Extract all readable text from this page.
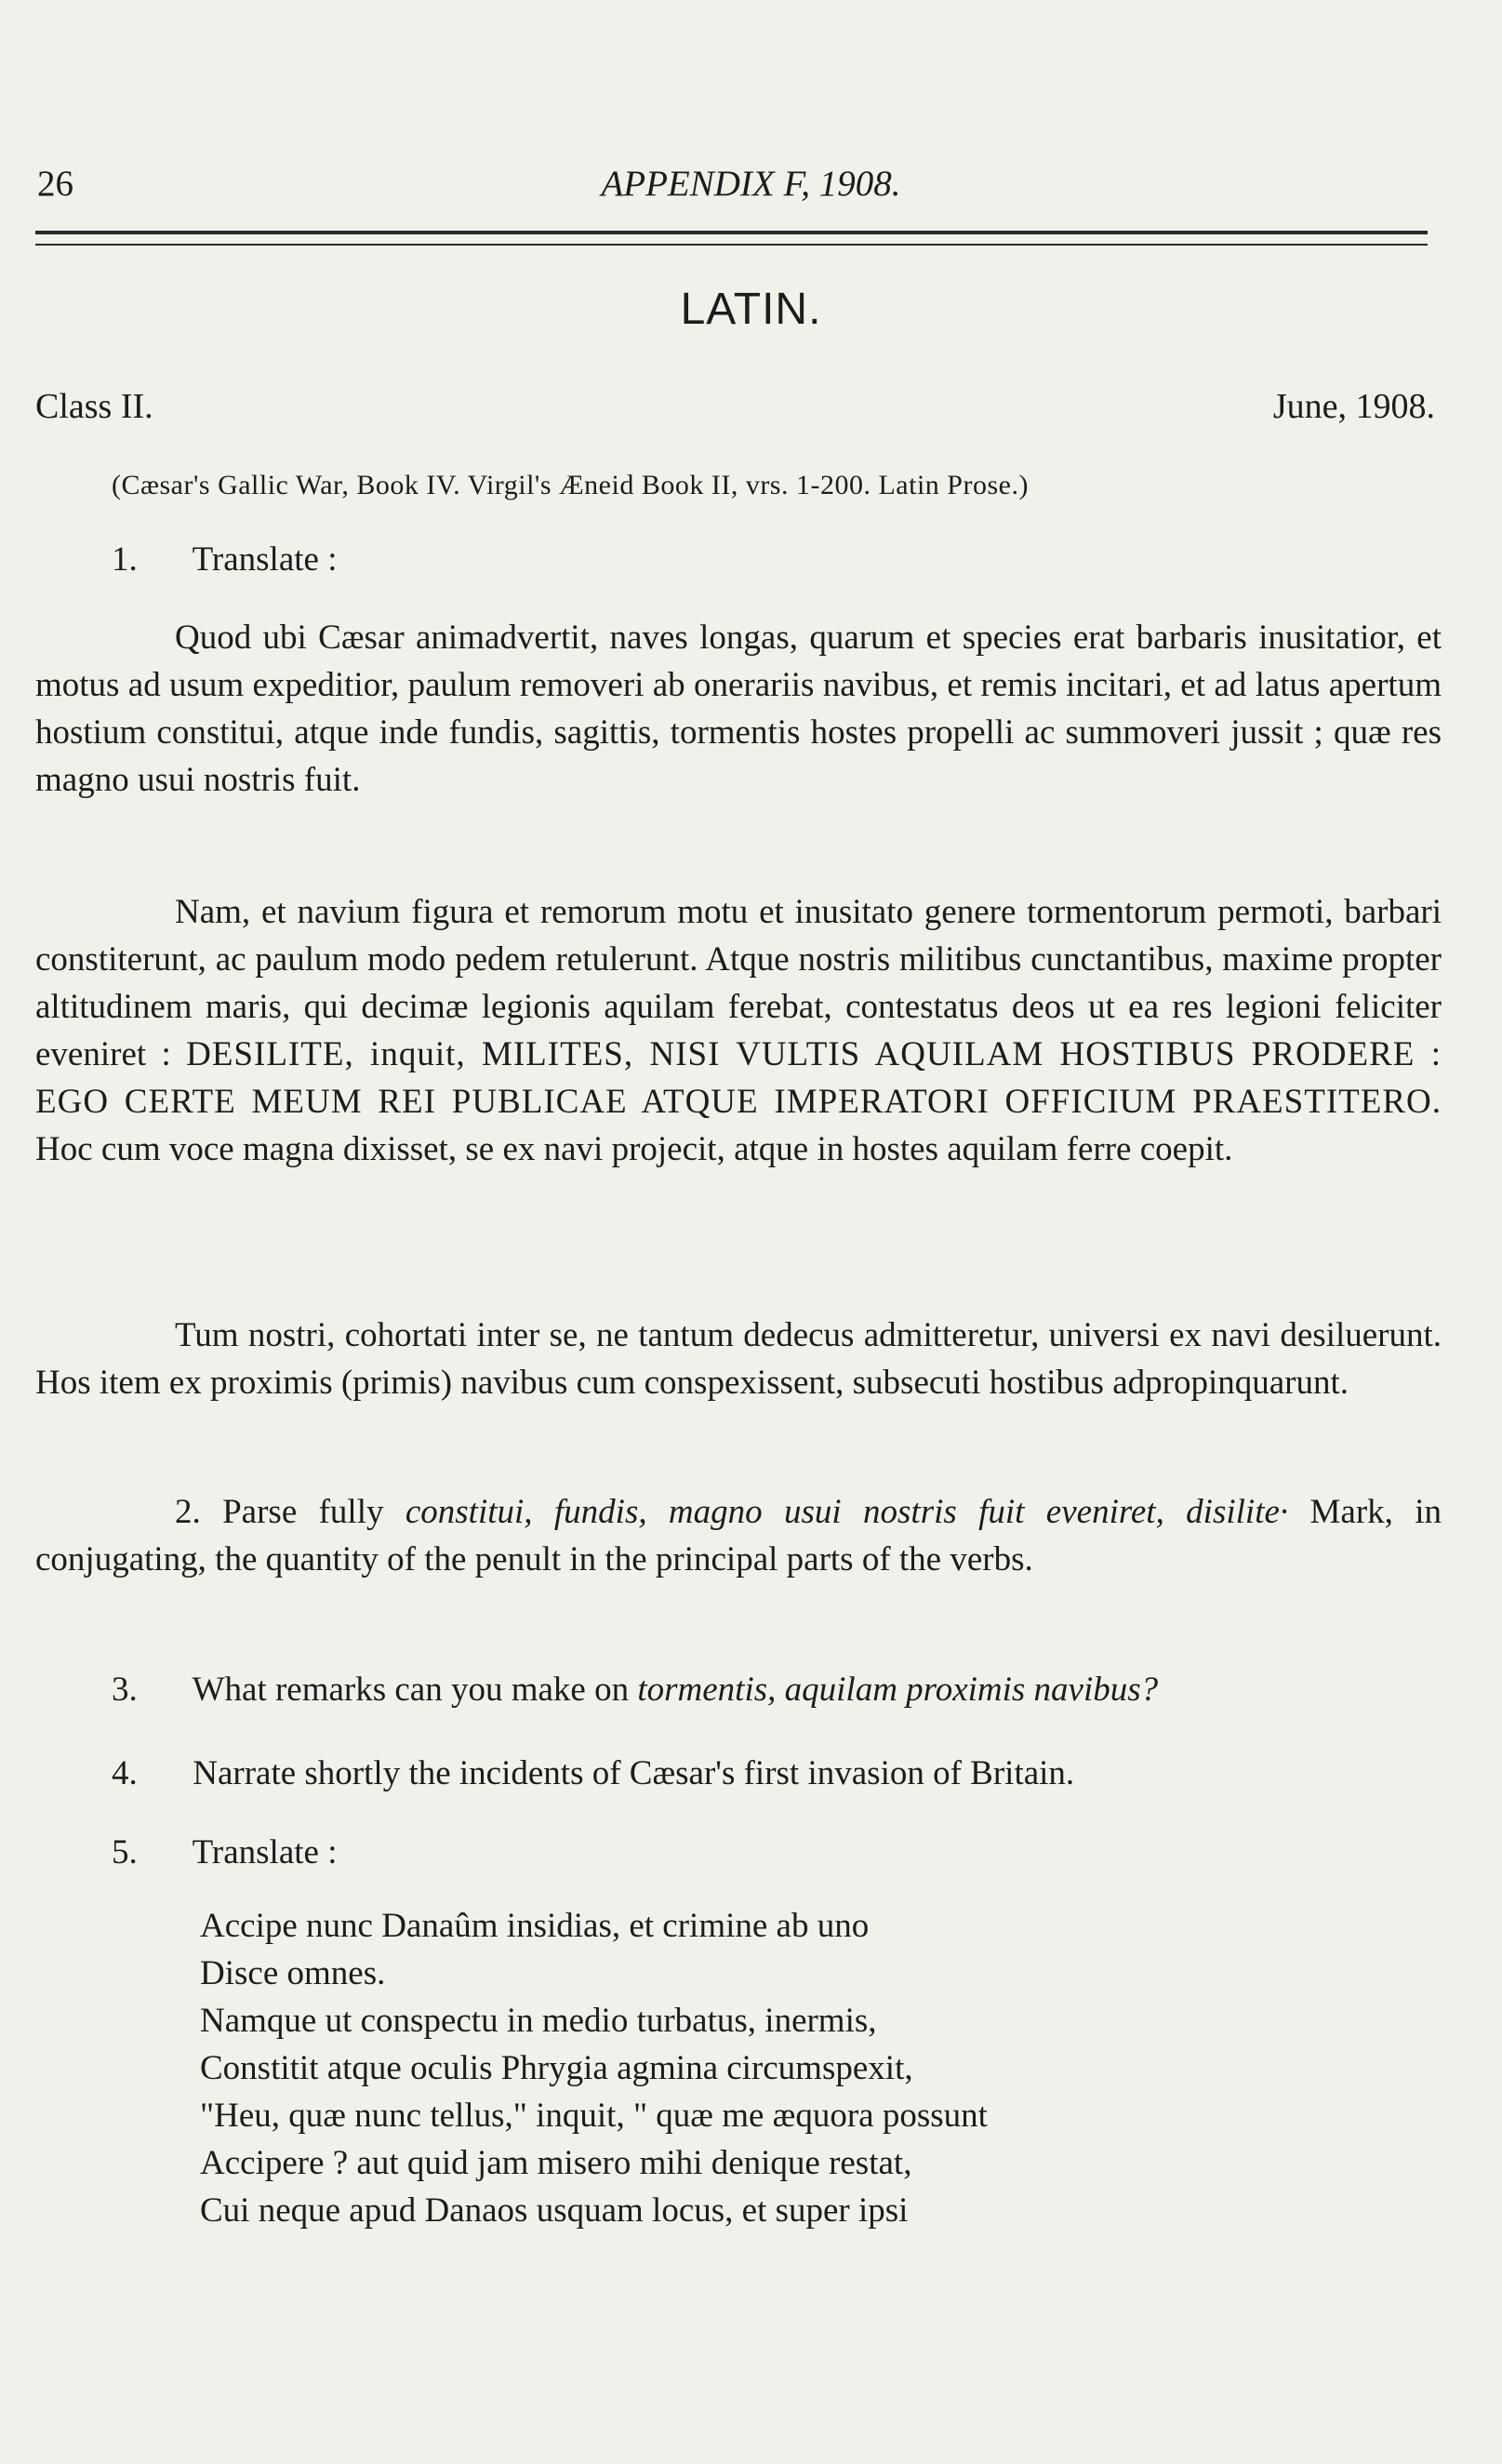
26	APPENDIX F, 1908.
LATIN.
Class II.	June, 1908.
(Cæsar's Gallic War, Book IV. Virgil's Æneid Book II, vrs. 1-200. Latin Prose.)
1. Translate :
Quod ubi Cæsar animadvertit, naves longas, quarum et species erat barbaris inusitatior, et motus ad usum expeditior, paulum removeri ab onerariis navibus, et remis incitari, et ad latus apertum hostium constitui, atque inde fundis, sagittis, tormentis hostes propelli ac summoveri jussit ; quæ res magno usui nostris fuit.
Nam, et navium figura et remorum motu et inusitato genere tormentorum permoti, barbari constiterunt, ac paulum modo pedem retulerunt. Atque nostris militibus cunctantibus, maxime propter altitudinem maris, qui decimæ legionis aquilam ferebat, contestatus deos ut ea res legioni feliciter eveniret : DESILITE, inquit, MILITES, NISI VULTIS AQUILAM HOSTIBUS PRODERE : EGO CERTE MEUM REI PUBLICAE ATQUE IMPERATORI OFFICIUM PRAESTITERO. Hoc cum voce magna dixisset, se ex navi projecit, atque in hostes aquilam ferre coepit.
Tum nostri, cohortati inter se, ne tantum dedecus admitteretur, universi ex navi desiluerunt. Hos item ex proximis (primis) navibus cum conspexissent, subsecuti hostibus adpropinquarunt.
2. Parse fully constitui, fundis, magno usui nostris fuit eveniret, disilite· Mark, in conjugating, the quantity of the penult in the principal parts of the verbs.
3. What remarks can you make on tormentis, aquilam proximis navibus?
4. Narrate shortly the incidents of Cæsar's first invasion of Britain.
5. Translate :
Accipe nunc Danaûm insidias, et crimine ab uno
Disce omnes.
Namque ut conspectu in medio turbatus, inermis,
Constitit atque oculis Phrygia agmina circumspexit,
"Heu, quæ nunc tellus," inquit, " quæ me æquora possunt
Accipere ? aut quid jam misero mihi denique restat,
Cui neque apud Danaos usquam locus, et super ipsi
